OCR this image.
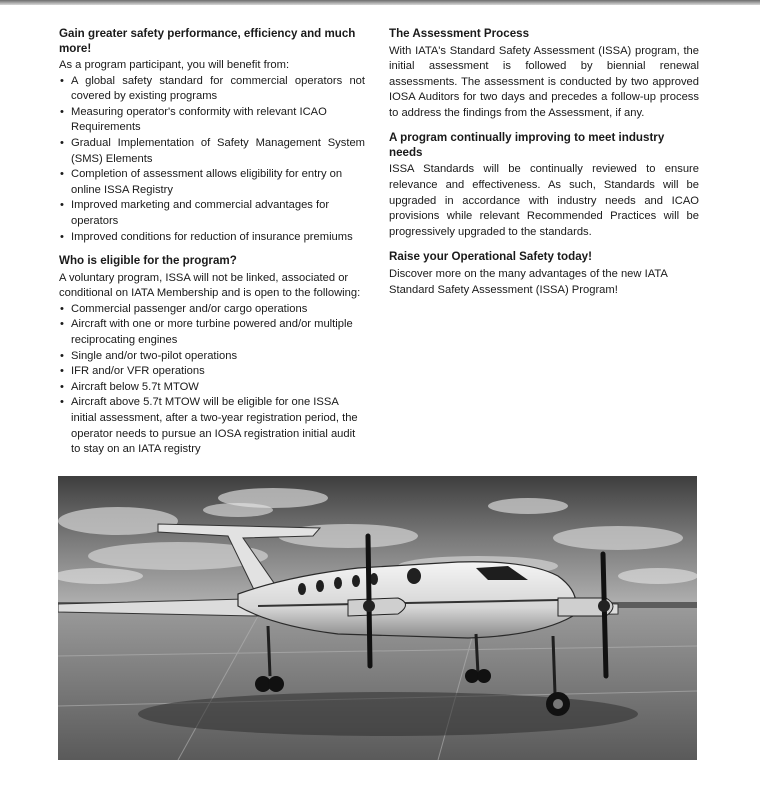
Gain greater safety performance, efficiency and much more!

As a program participant, you will benefit from:

• A global safety standard for commercial operators not covered by existing programs
• Measuring operator's conformity with relevant ICAO Requirements
• Gradual Implementation of Safety Management System (SMS) Elements
• Completion of assessment allows eligibility for entry on online ISSA Registry
• Improved marketing and commercial advantages for operators
• Improved conditions for reduction of insurance premiums
Who is eligible for the program?

A voluntary program, ISSA will not be linked, associated or conditional on IATA Membership and is open to the following:

• Commercial passenger and/or cargo operations
• Aircraft with one or more turbine powered and/or multiple reciprocating engines
• Single and/or two-pilot operations
• IFR and/or VFR operations
• Aircraft below 5.7t MTOW
• Aircraft above 5.7t MTOW will be eligible for one ISSA initial assessment, after a two-year registration period, the operator needs to pursue an IOSA registration initial audit to stay on an IATA registry
The Assessment Process

With IATA's Standard Safety Assessment (ISSA) program, the initial assessment is followed by biennial renewal assessments. The assessment is conducted by two approved IOSA Auditors for two days and precedes a follow-up process to address the findings from the Assessment, if any.

A program continually improving to meet industry needs

ISSA Standards will be continually reviewed to ensure relevance and effectiveness. As such, Standards will be upgraded in accordance with industry needs and ICAO provisions while relevant Recommended Practices will be progressively upgraded to the standards.

Raise your Operational Safety today!

Discover more on the many advantages of the new IATA Standard Safety Assessment (ISSA) Program!
